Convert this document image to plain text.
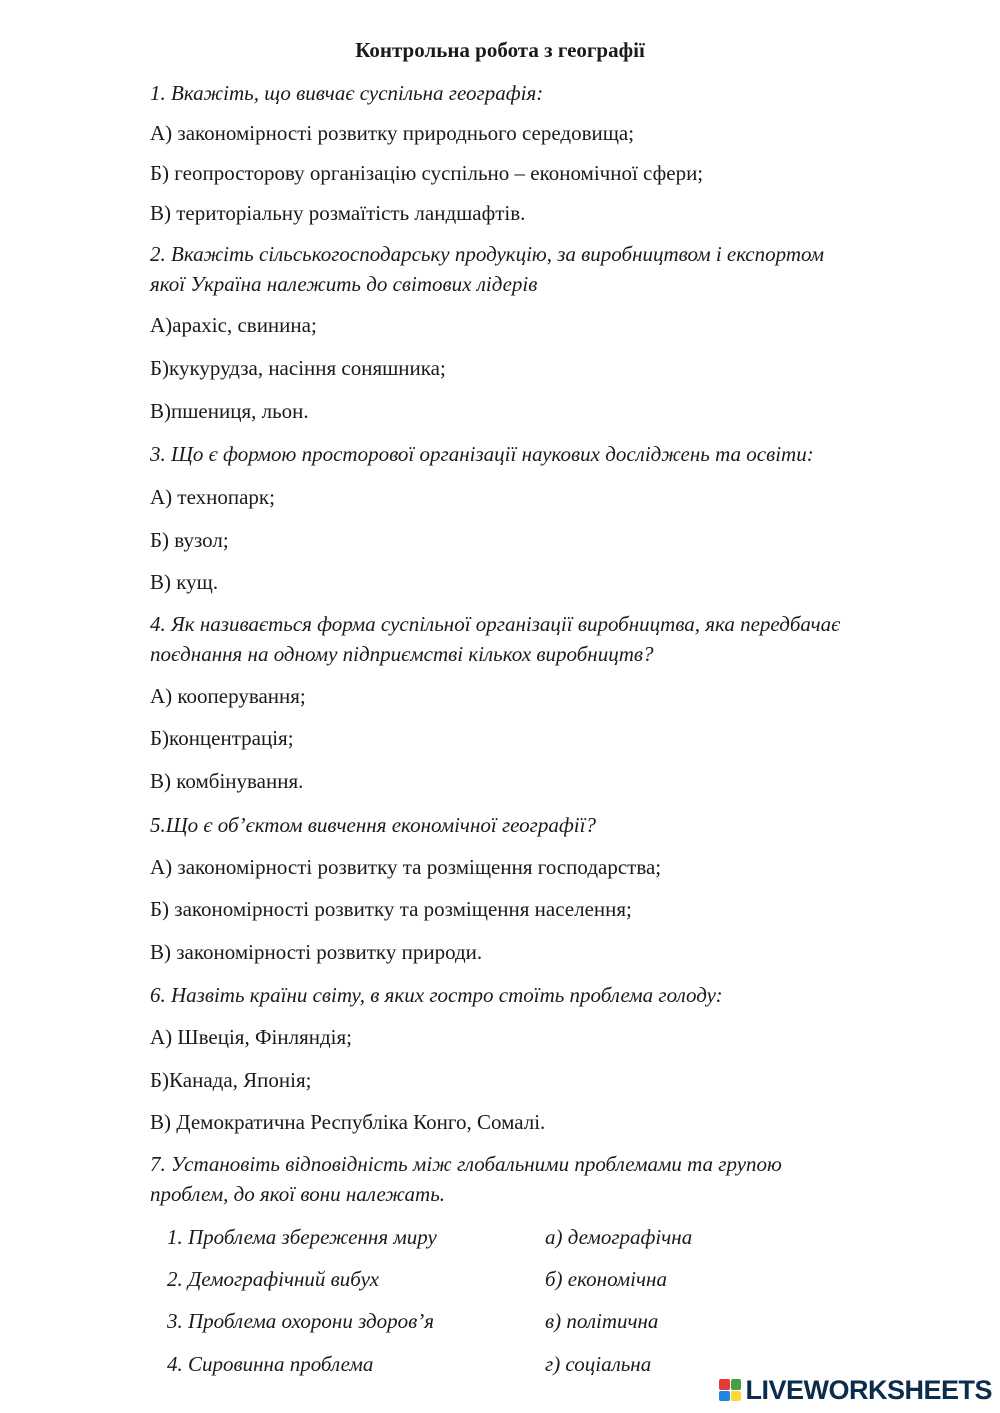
Контрольна робота з географії
1. Вкажіть, що вивчає суспільна географія:
А) закономірності розвитку природнього середовища;
Б) геопросторову організацію суспільно – економічної сфери;
В) територіальну розмаїтість ландшафтів.
2. Вкажіть сільськогосподарську продукцію, за виробництвом і експортом
якої Україна належить до світових лідерів
А)арахіс, свинина;
Б)кукурудза, насіння соняшника;
В)пшениця, льон.
3. Що є формою просторової організації наукових досліджень та освіти:
А) технопарк;
Б) вузол;
В) кущ.
4. Як називається форма суспільної організації виробництва, яка передбачає
поєднання на одному підприємстві кількох виробництв?
А) кооперування;
Б)концентрація;
В) комбінування.
5.Що є об’єктом вивчення економічної географії?
А) закономірності розвитку та розміщення господарства;
Б) закономірності розвитку та розміщення населення;
В) закономірності розвитку природи.
6. Назвіть країни світу, в яких гостро стоїть проблема голоду:
А) Швеція, Фінляндія;
Б)Канада, Японія;
В) Демократична Республіка Конго, Сомалі.
7. Установіть відповідність між глобальними проблемами та групою
проблем, до якої вони належать.
1. Проблема збереження миру	а) демографічна
2. Демографічний вибух	б) економічна
3. Проблема охорони здоров’я	в) політична
4. Сировинна проблема	г) соціальна
LIVEWORKSHEETS
